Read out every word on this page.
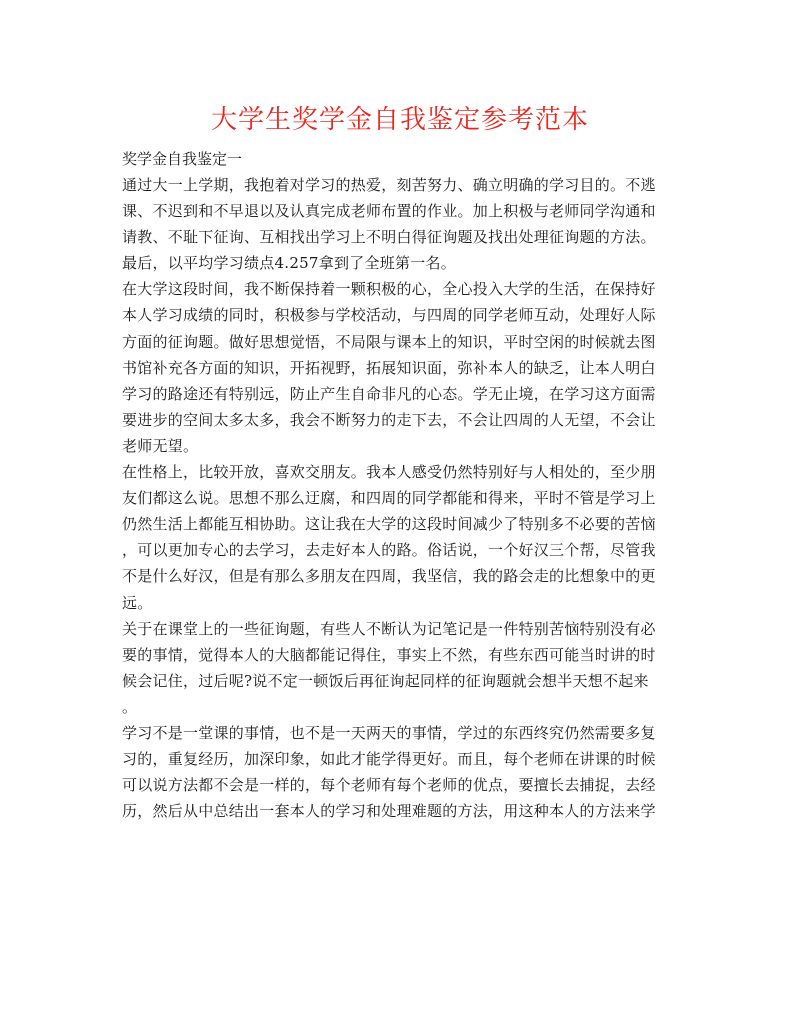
大学生奖学金自我鉴定参考范本

奖学金自我鉴定一

通过大一上学期，我抱着对学习的热爱，刻苦努力、确立明确的学习目的。不逃
课、不迟到和不早退以及认真完成老师布置的作业。加上积极与老师同学沟通和
请教、不耻下征询、互相找出学习上不明白得征询题及找出处理征询题的方法。
最后，以平均学习绩点4.257拿到了全班第一名。
在大学这段时间，我不断保持着一颗积极的心，全心投入大学的生活，在保持好
本人学习成绩的同时，积极参与学校活动，与四周的同学老师互动，处理好人际
方面的征询题。做好思想觉悟，不局限与课本上的知识，平时空闲的时候就去图
书馆补充各方面的知识，开拓视野，拓展知识面，弥补本人的缺乏，让本人明白
学习的路途还有特别远，防止产生自命非凡的心态。学无止境，在学习这方面需
要进步的空间太多太多，我会不断努力的走下去，不会让四周的人无望，不会让
老师无望。
在性格上，比较开放，喜欢交朋友。我本人感受仍然特别好与人相处的，至少朋
友们都这么说。思想不那么迂腐，和四周的同学都能和得来，平时不管是学习上
仍然生活上都能互相协助。这让我在大学的这段时间减少了特别多不必要的苦恼
，可以更加专心的去学习，去走好本人的路。俗话说，一个好汉三个帮，尽管我
不是什么好汉，但是有那么多朋友在四周，我坚信，我的路会走的比想象中的更
远。
关于在课堂上的一些征询题，有些人不断认为记笔记是一件特别苦恼特别没有必
要的事情，觉得本人的大脑都能记得住，事实上不然，有些东西可能当时讲的时
候会记住，过后呢?说不定一顿饭后再征询起同样的征询题就会想半天想不起来
。
学习不是一堂课的事情，也不是一天两天的事情，学过的东西终究仍然需要多复
习的，重复经历，加深印象，如此才能学得更好。而且，每个老师在讲课的时候
可以说方法都不会是一样的，每个老师有每个老师的优点，要擅长去捕捉，去经
历，然后从中总结出一套本人的学习和处理难题的方法，用这种本人的方法来学
